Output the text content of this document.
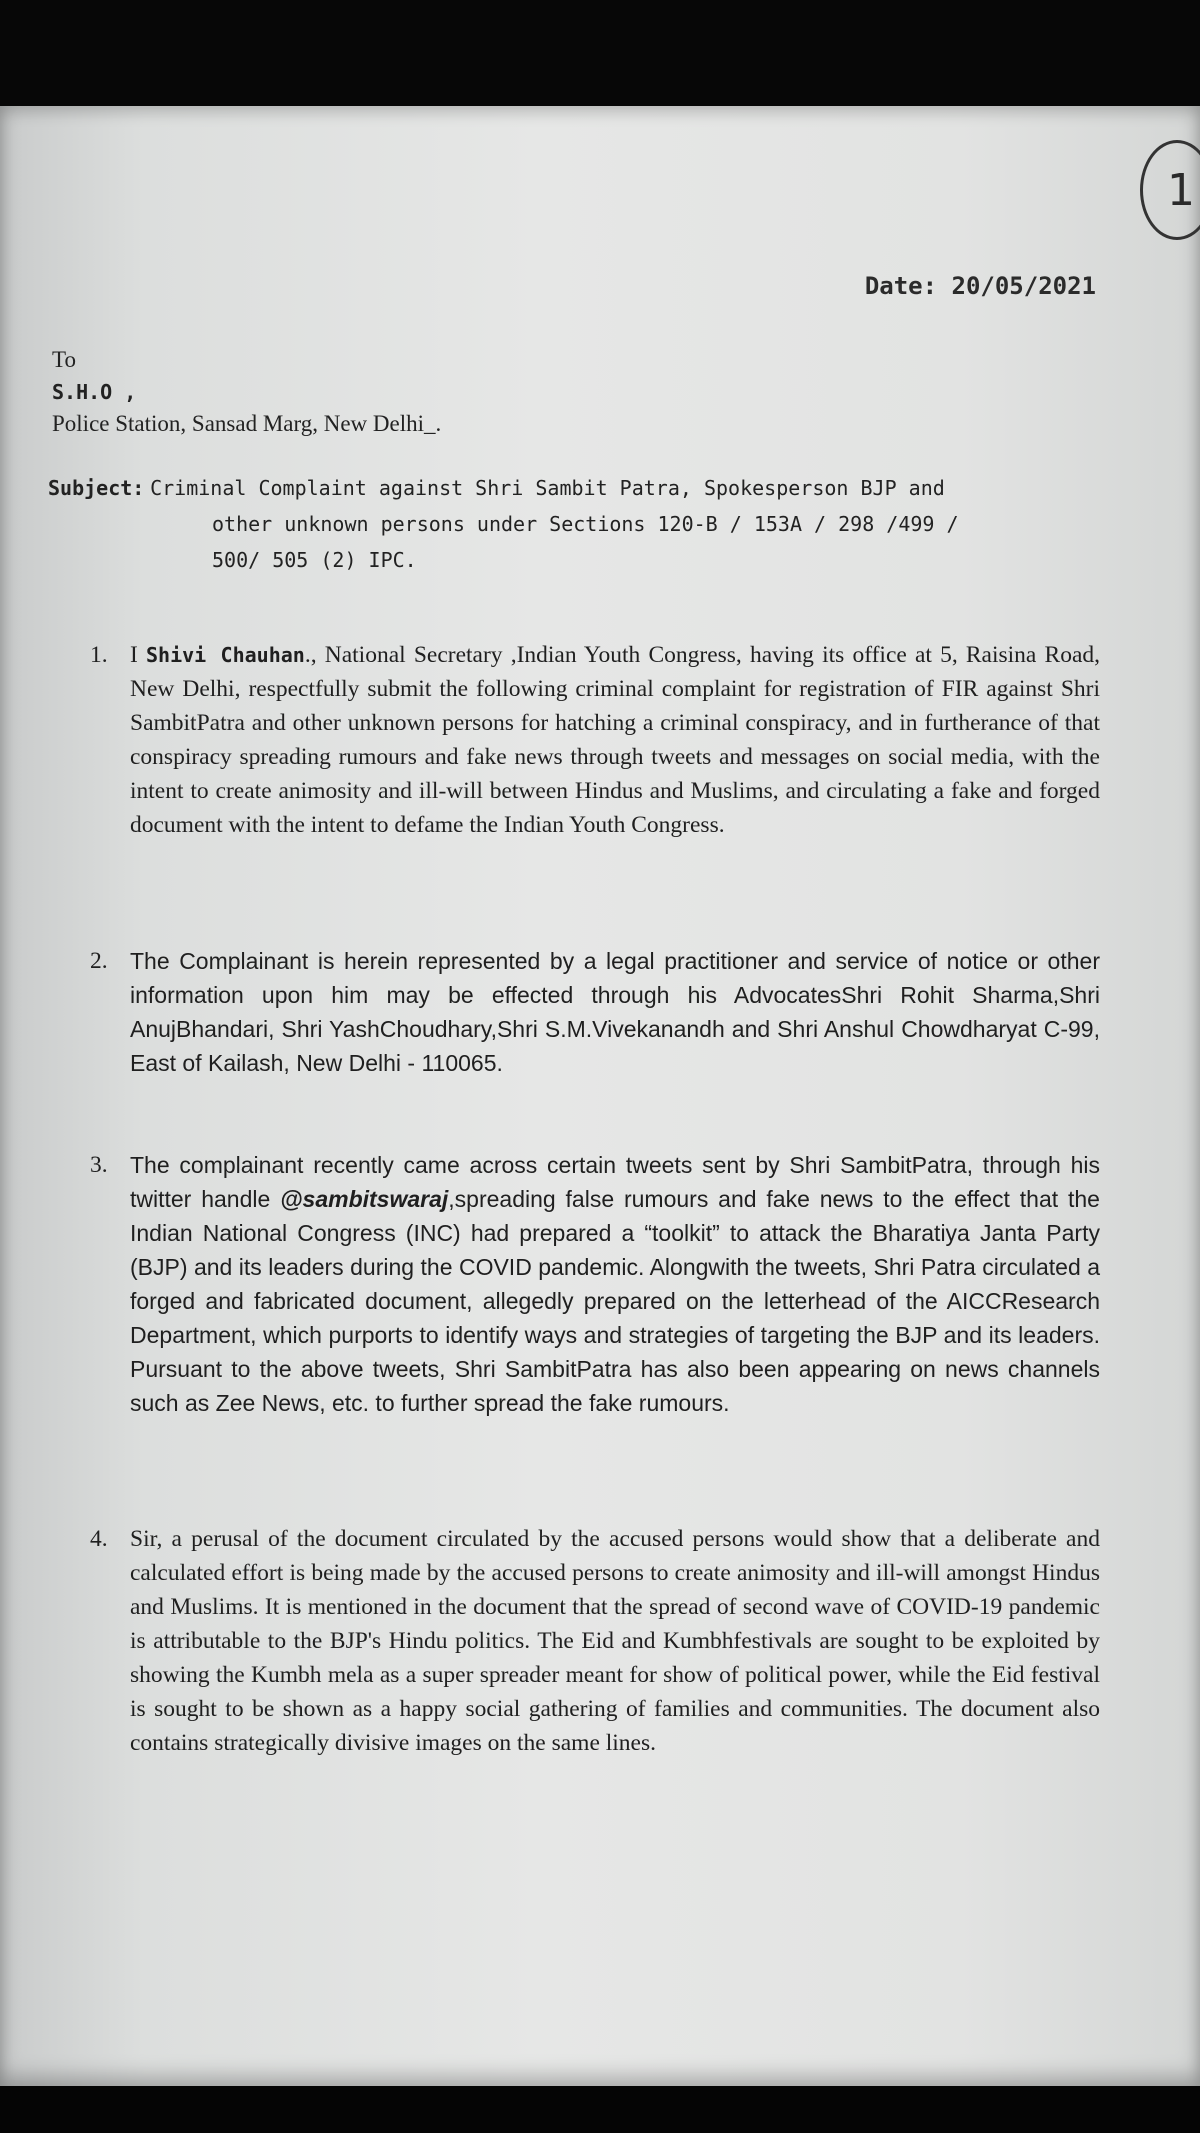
1
Date: 20/05/2021
To
S.H.O ,
Police Station, Sansad Marg, New Delhi_.
Subject: Criminal Complaint against Shri Sambit Patra, Spokesperson BJP and
other unknown persons under Sections 120-B / 153A / 298 /499 /
500/ 505 (2) IPC.
1. I Shivi Chauhan., National Secretary ,Indian Youth Congress, having its office at 5, Raisina Road, New Delhi, respectfully submit the following criminal complaint for registration of FIR against Shri SambitPatra and other unknown persons for hatching a criminal conspiracy, and in furtherance of that conspiracy spreading rumours and fake news through tweets and messages on social media, with the intent to create animosity and ill-will between Hindus and Muslims, and circulating a fake and forged document with the intent to defame the Indian Youth Congress.
2. The Complainant is herein represented by a legal practitioner and service of notice or other information upon him may be effected through his AdvocatesShri Rohit Sharma,Shri AnujBhandari, Shri YashChoudhary,Shri S.M.Vivekanandh and Shri Anshul Chowdharyat C-99, East of Kailash, New Delhi - 110065.
3. The complainant recently came across certain tweets sent by Shri SambitPatra, through his twitter handle @sambitswaraj,spreading false rumours and fake news to the effect that the Indian National Congress (INC) had prepared a “toolkit” to attack the Bharatiya Janta Party (BJP) and its leaders during the COVID pandemic. Alongwith the tweets, Shri Patra circulated a forged and fabricated document, allegedly prepared on the letterhead of the AICCResearch Department, which purports to identify ways and strategies of targeting the BJP and its leaders. Pursuant to the above tweets, Shri SambitPatra has also been appearing on news channels such as Zee News, etc. to further spread the fake rumours.
4. Sir, a perusal of the document circulated by the accused persons would show that a deliberate and calculated effort is being made by the accused persons to create animosity and ill-will amongst Hindus and Muslims. It is mentioned in the document that the spread of second wave of COVID-19 pandemic is attributable to the BJP's Hindu politics. The Eid and Kumbhfestivals are sought to be exploited by showing the Kumbh mela as a super spreader meant for show of political power, while the Eid festival is sought to be shown as a happy social gathering of families and communities. The document also contains strategically divisive images on the same lines.
